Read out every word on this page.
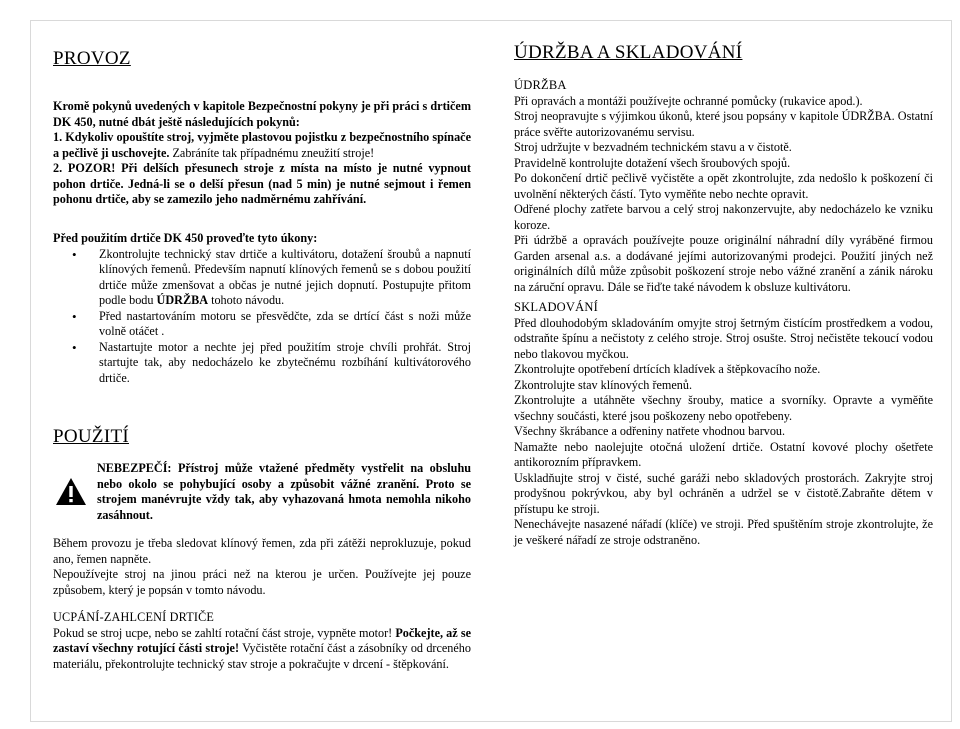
PROVOZ

Kromě pokynů uvedených v kapitole Bezpečnostní pokyny je při práci s drtičem DK 450, nutné dbát ještě následujících pokynů:

1. Kdykoliv opouštíte stroj, vyjměte plastovou pojistku z bezpečnostního spínače a pečlivě ji uschovejte. Zabráníte tak případnému zneužití stroje!

2. POZOR! Při delších přesunech stroje z místa na místo je nutné vypnout pohon drtiče. Jedná-li se o delší přesun (nad 5 min) je nutné sejmout i řemen pohonu drtiče, aby se zamezilo jeho nadměrnému zahřívání.

Před použitím drtiče DK 450 proveďte tyto úkony:

• Zkontrolujte technický stav drtiče a kultivátoru, dotažení šroubů a napnutí klínových řemenů. Především napnutí klínových řemenů se s dobou použití drtiče může zmenšovat a občas je nutné jejich dopnutí. Postupujte přitom podle bodu ÚDRŽBA tohoto návodu.

• Před nastartováním motoru se přesvědčte, zda se drtící část s noži může volně otáčet .

• Nastartujte motor a nechte jej před použitím stroje chvíli prohřát. Stroj startujte tak, aby nedocházelo ke zbytečnému rozbíhání kultivátorového drtiče.

POUŽITÍ

NEBEZPEČÍ: Přístroj může vtažené předměty vystřelit na obsluhu nebo okolo se pohybující osoby a způsobit vážné zranění. Proto se strojem manévrujte vždy tak, aby vyhazovaná hmota nemohla nikoho zasáhnout.

Během provozu je třeba sledovat klínový řemen, zda při zátěži neprokluzuje, pokud ano, řemen napněte.

Nepoužívejte stroj na jinou práci než na kterou je určen. Používejte jej pouze způsobem, který je popsán v tomto návodu.

UCPÁNÍ-ZAHLCENÍ DRTIČE

Pokud se stroj ucpe, nebo se zahltí rotační část stroje, vypněte motor! Počkejte, až se zastaví všechny rotující části stroje! Vyčistěte rotační část a zásobníky od drceného materiálu, překontrolujte technický stav stroje a pokračujte v drcení - štěpkování.

ÚDRŽBA A SKLADOVÁNÍ
ÚDRŽBA

Při opravách a montáži používejte ochranné pomůcky (rukavice apod.).

Stroj neopravujte s výjimkou úkonů, které jsou popsány v kapitole ÚDRŽBA. Ostatní práce svěřte autorizovanému servisu.

Stroj udržujte v bezvadném technickém stavu a v čistotě.

Pravidelně kontrolujte dotažení všech šroubových spojů.

Po dokončení drtič pečlivě vyčistěte a opět zkontrolujte, zda nedošlo k poškození či uvolnění některých částí. Tyto vyměňte nebo nechte opravit.

Odřené plochy zatřete barvou a celý stroj nakonzervujte, aby nedocházelo ke vzniku koroze.

Při údržbě a opravách používejte pouze originální náhradní díly vyráběné firmou Garden arsenal a.s. a dodávané jejími autorizovanými prodejci. Použití jiných než originálních dílů může způsobit poškození stroje nebo vážné zranění a zánik nároku na záruční opravu. Dále se řiďte také návodem k obsluze kultivátoru.

SKLADOVÁNÍ

Před dlouhodobým skladováním omyjte stroj šetrným čistícím prostředkem a vodou, odstraňte špínu a nečistoty z celého stroje. Stroj osušte. Stroj nečistěte tekoucí vodou nebo tlakovou myčkou.

Zkontrolujte opotřebení drtících kladívek a štěpkovacího nože.

Zkontrolujte stav klínových řemenů.

Zkontrolujte a utáhněte všechny šrouby, matice a svorníky. Opravte a vyměňte všechny součásti, které jsou poškozeny nebo opotřebeny.

Všechny škrábance a odřeniny natřete vhodnou barvou.

Namažte nebo naolejujte otočná uložení drtiče. Ostatní kovové plochy ošetřete antikorozním přípravkem.

Uskladňujte stroj v čisté, suché garáži nebo skladových prostorách. Zakryjte stroj prodyšnou pokrývkou, aby byl ochráněn a udržel se v čistotě.Zabraňte dětem v přístupu ke stroji.

Nenechávejte nasazené nářadí (klíče) ve stroji. Před spuštěním stroje zkontrolujte, že je veškeré nářadí ze stroje odstraněno.
